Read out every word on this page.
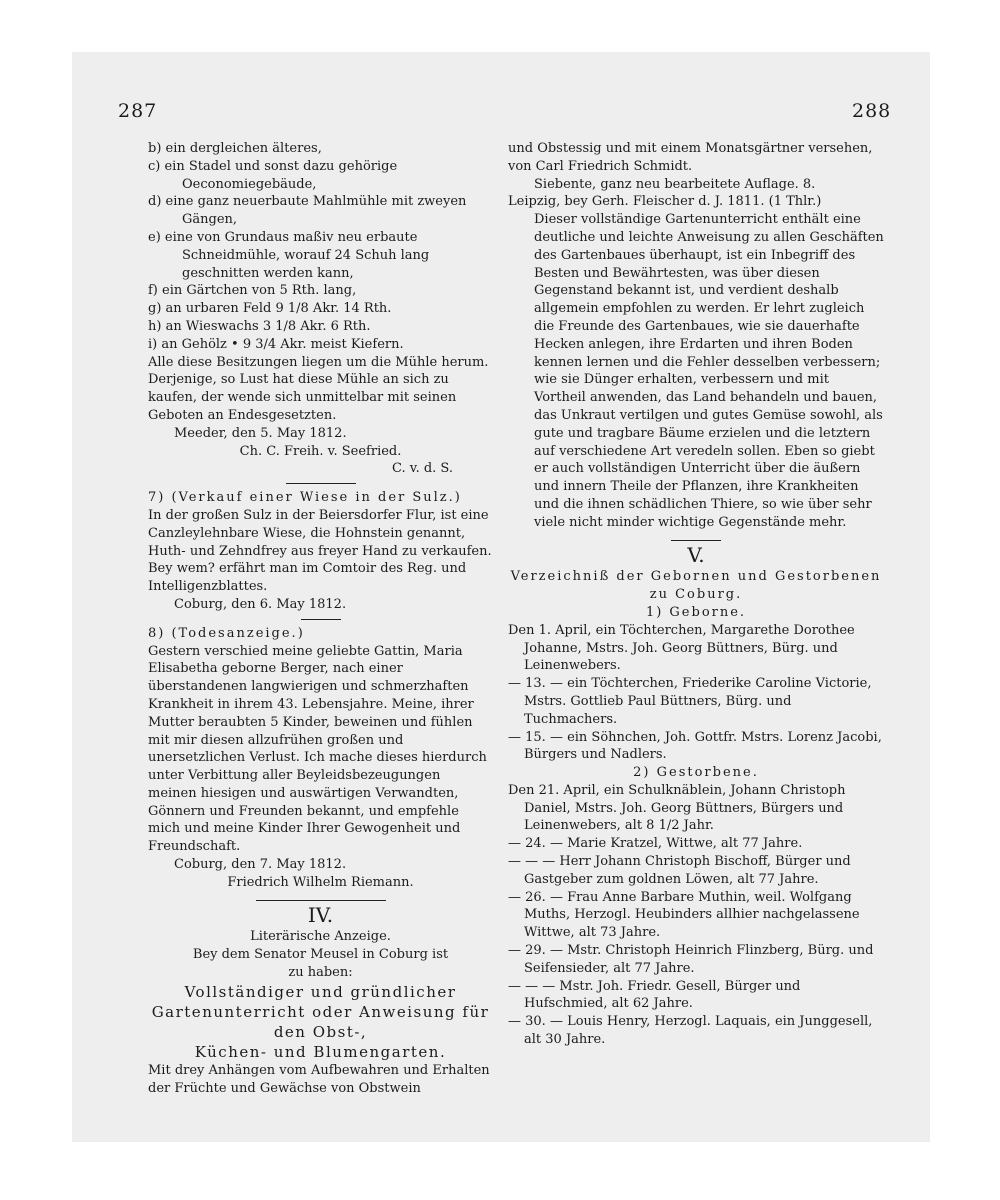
287	288

b) ein dergleichen älteres,

c) ein Stadel und sonst dazu gehörige Oeconomiegebäude,

d) eine ganz neuerbaute Mahlmühle mit zweyen Gängen,

e) eine von Grundaus maßiv neu erbaute Schneidmühle, worauf 24 Schuh lang geschnitten werden kann,

f) ein Gärtchen von 5 Rth. lang,

g) an urbaren Feld 9 1/8 Akr. 14 Rth.

h) an Wieswachs 3 1/8 Akr. 6 Rth.

i) an Gehölz • 9 3/4 Akr. meist Kiefern.

Alle diese Besitzungen liegen um die Mühle herum. Derjenige, so Lust hat diese Mühle an sich zu kaufen, der wende sich unmittelbar mit seinen Geboten an Endesgesetzten.

Meeder, den 5. May 1812.

Ch. C. Freih. v. Seefried.

C. v. d. S.

7) (Verkauf einer Wiese in der Sulz.)

In der großen Sulz in der Beiersdorfer Flur, ist eine Canzleylehnbare Wiese, die Hohnstein genannt, Huth- und Zehndfrey aus freyer Hand zu verkaufen. Bey wem? erfährt man im Comtoir des Reg. und Intelligenzblattes.

Coburg, den 6. May 1812.

8) (Todesanzeige.)

Gestern verschied meine geliebte Gattin, Maria Elisabetha geborne Berger, nach einer überstandenen langwierigen und schmerzhaften Krankheit in ihrem 43. Lebensjahre. Meine, ihrer Mutter beraubten 5 Kinder, beweinen und fühlen mit mir diesen allzufrühen großen und unersetzlichen Verlust. Ich mache dieses hierdurch unter Verbittung aller Beyleidsbezeugungen meinen hiesigen und auswärtigen Verwandten, Gönnern und Freunden bekannt, und empfehle mich und meine Kinder Ihrer Gewogenheit und Freundschaft.

Coburg, den 7. May 1812.

Friedrich Wilhelm Riemann.

IV.

Literärische Anzeige.

Bey dem Senator Meusel in Coburg ist

zu haben:

Vollständiger und gründlicher Gartenunterricht oder Anweisung für den Obst-,

Küchen- und Blumengarten.

Mit drey Anhängen vom Aufbewahren und Erhalten der Früchte und Gewächse von Obstwein

und Obstessig und mit einem Monatsgärtner versehen, von Carl Friedrich Schmidt.

Siebente, ganz neu bearbeitete Auflage. 8.

Leipzig, bey Gerh. Fleischer d. J. 1811. (1 Thlr.)

Dieser vollständige Gartenunterricht enthält eine deutliche und leichte Anweisung zu allen Geschäften des Gartenbaues überhaupt, ist ein Inbegriff des Besten und Bewährtesten, was über diesen Gegenstand bekannt ist, und verdient deshalb allgemein empfohlen zu werden. Er lehrt zugleich die Freunde des Gartenbaues, wie sie dauerhafte Hecken anlegen, ihre Erdarten und ihren Boden kennen lernen und die Fehler desselben verbessern; wie sie Dünger erhalten, verbessern und mit Vortheil anwenden, das Land behandeln und bauen, das Unkraut vertilgen und gutes Gemüse sowohl, als gute und tragbare Bäume erzielen und die letztern auf verschiedene Art veredeln sollen. Eben so giebt er auch vollständigen Unterricht über die äußern und innern Theile der Pflanzen, ihre Krankheiten und die ihnen schädlichen Thiere, so wie über sehr viele nicht minder wichtige Gegenstände mehr.

V.

Verzeichniß der Gebornen und Gestorbenen zu Coburg.

1) Geborne.

Den 1. April, ein Töchterchen, Margarethe Dorothee Johanne, Mstrs. Joh. Georg Büttners, Bürg. und Leinenwebers.

— 13. — ein Töchterchen, Friederike Caroline Victorie, Mstrs. Gottlieb Paul Büttners, Bürg. und Tuchmachers.

— 15. — ein Söhnchen, Joh. Gottfr. Mstrs. Lorenz Jacobi, Bürgers und Nadlers.

2) Gestorbene.

Den 21. April, ein Schulknäblein, Johann Christoph Daniel, Mstrs. Joh. Georg Büttners, Bürgers und Leinenwebers, alt 8 1/2 Jahr.

— 24. — Marie Kratzel, Wittwe, alt 77 Jahre.

— — — Herr Johann Christoph Bischoff, Bürger und Gastgeber zum goldnen Löwen, alt 77 Jahre.

— 26. — Frau Anne Barbare Muthin, weil. Wolfgang Muths, Herzogl. Heubinders allhier nachgelassene Wittwe, alt 73 Jahre.

— 29. — Mstr. Christoph Heinrich Flinzberg, Bürg. und Seifensieder, alt 77 Jahre.

— — — Mstr. Joh. Friedr. Gesell, Bürger und Hufschmied, alt 62 Jahre.

— 30. — Louis Henry, Herzogl. Laquais, ein Junggesell, alt 30 Jahre.
